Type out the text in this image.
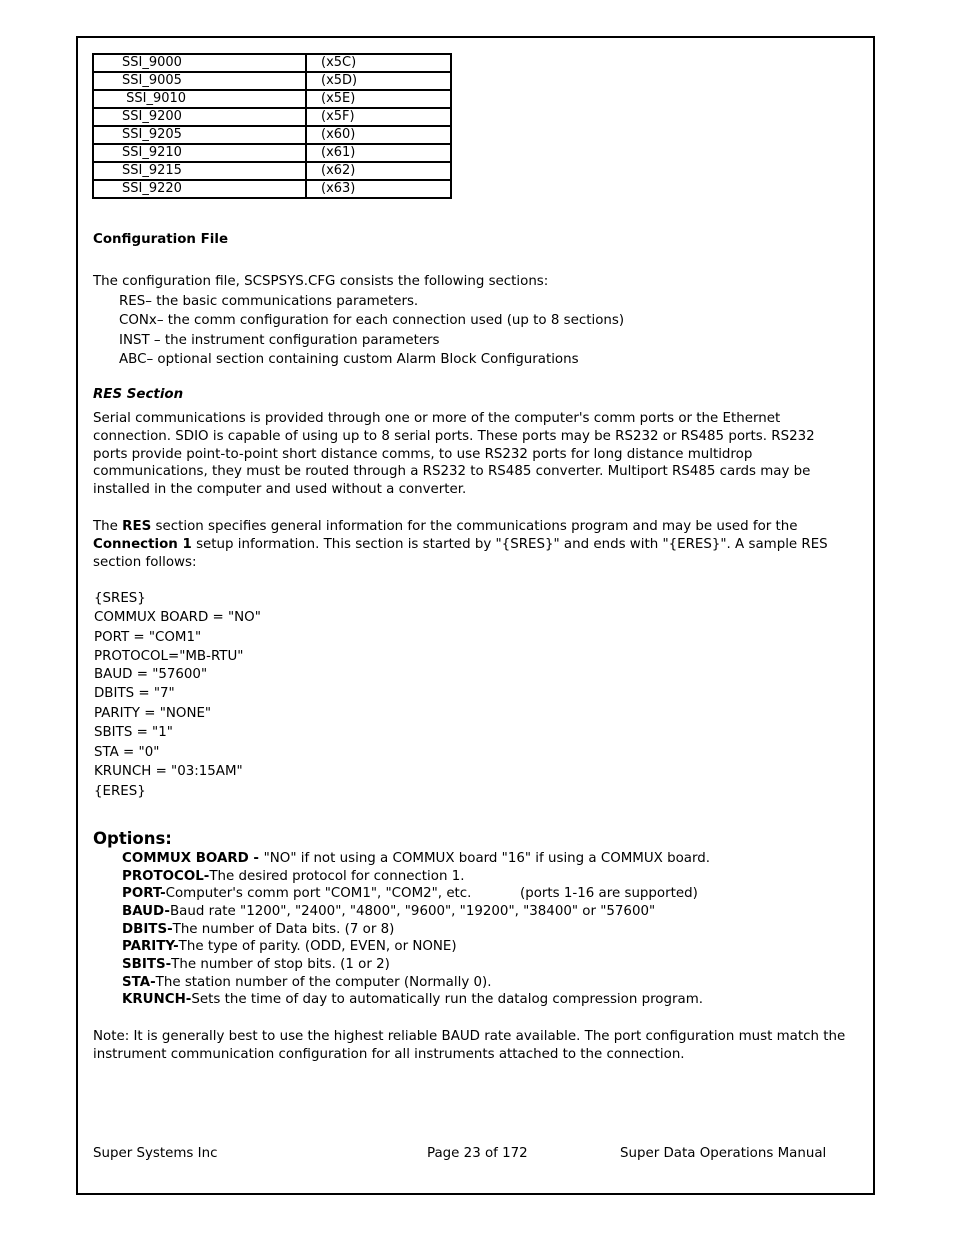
SSI_9000	(x5C)
SSI_9005	(x5D)
SSI_9010	(x5E)
SSI_9200	(x5F)
SSI_9205	(x60)
SSI_9210	(x61)
SSI_9215	(x62)
SSI_9220	(x63)
Configuration File
The configuration file, SCSPSYS.CFG consists the following sections:
RES– the basic communications parameters.
CONx– the comm configuration for each connection used (up to 8 sections)
INST – the instrument configuration parameters
ABC– optional section containing custom Alarm Block Configurations
RES Section
Serial communications is provided through one or more of the computer's comm ports or the Ethernet connection. SDIO is capable of using up to 8 serial ports. These ports may be RS232 or RS485 ports. RS232 ports provide point-to-point short distance comms, to use RS232 ports for long distance multidrop communications, they must be routed through a RS232 to RS485 converter. Multiport RS485 cards may be installed in the computer and used without a converter.
The RES section specifies general information for the communications program and may be used for the Connection 1 setup information. This section is started by "{SRES}" and ends with "{ERES}". A sample RES section follows:
{SRES}
COMMUX BOARD = "NO"
PORT = "COM1"
PROTOCOL="MB-RTU"
BAUD = "57600"
DBITS = "7"
PARITY = "NONE"
SBITS = "1"
STA = "0"
KRUNCH = "03:15AM"
{ERES}
Options:
COMMUX BOARD - "NO" if not using a COMMUX board "16" if using a COMMUX board.
PROTOCOL-The desired protocol for connection 1.
PORT-Computer's comm port "COM1", "COM2", etc.	(ports 1-16 are supported)
BAUD-Baud rate "1200", "2400", "4800", "9600", "19200", "38400" or "57600"
DBITS-The number of Data bits. (7 or 8)
PARITY-The type of parity. (ODD, EVEN, or NONE)
SBITS-The number of stop bits. (1 or 2)
STA-The station number of the computer (Normally 0).
KRUNCH-Sets the time of day to automatically run the datalog compression program.
Note: It is generally best to use the highest reliable BAUD rate available. The port configuration must match the instrument communication configuration for all instruments attached to the connection.
Super Systems Inc	Page 23 of 172	Super Data Operations Manual
